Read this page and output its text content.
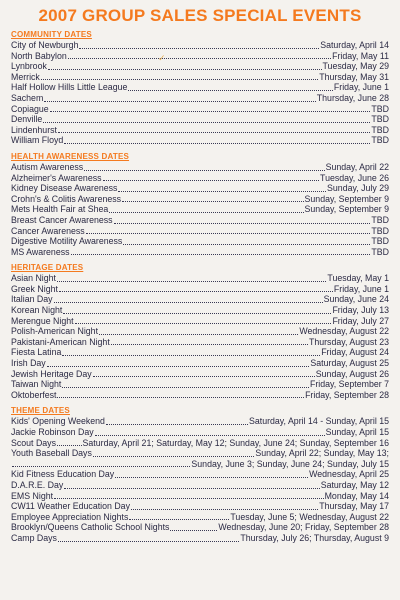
2007 GROUP SALES SPECIAL EVENTS
COMMUNITY DATES
City of Newburgh	Saturday, April 14
North Babylon	Friday, May 11
Lynbrook	Tuesday, May 29
Merrick	Thursday, May 31
Half Hollow Hills Little League	Friday, June 1
Sachem	Thursday, June 28
Copiague	TBD
Denville	TBD
Lindenhurst	TBD
William Floyd	TBD
HEALTH AWARENESS DATES
Autism Awareness	Sunday, April 22
Alzheimer's Awareness	Tuesday, June 26
Kidney Disease Awareness	Sunday, July 29
Crohn's & Colitis Awareness	Sunday, September 9
Mets Health Fair at Shea	Sunday, September 9
Breast Cancer Awareness	TBD
Cancer Awareness	TBD
Digestive Motility Awareness	TBD
MS Awareness	TBD
HERITAGE DATES
Asian Night	Tuesday, May 1
Greek Night	Friday, June 1
Italian Day	Sunday, June 24
Korean Night	Friday, July 13
Merengue Night	Friday, July 27
Polish-American Night	Wednesday, August 22
Pakistani-American Night	Thursday, August 23
Fiesta Latina	Friday, August 24
Irish Day	Saturday, August 25
Jewish Heritage Day	Sunday, August 26
Taiwan Night	Friday, September 7
Oktoberfest	Friday, September 28
THEME DATES
Kids' Opening Weekend	Saturday, April 14 - Sunday, April 15
Jackie Robinson Day	Sunday, April 15
Scout Days	Saturday, April 21; Saturday, May 12; Sunday, June 24; Sunday, September 16
Youth Baseball Days	Sunday, April 22; Sunday, May 13;
Sunday, June 3; Sunday, June 24; Sunday, July 15
Kid Fitness Education Day	Wednesday, April 25
D.A.R.E. Day	Saturday, May 12
EMS Night	Monday, May 14
CW11 Weather Education Day	Thursday, May 17
Employee Appreciation Nights	Tuesday, June 5; Wednesday, August 22
Brooklyn/Queens Catholic School Nights	Wednesday, June 20; Friday, September 28
Camp Days	Thursday, July 26; Thursday, August 9
✓
